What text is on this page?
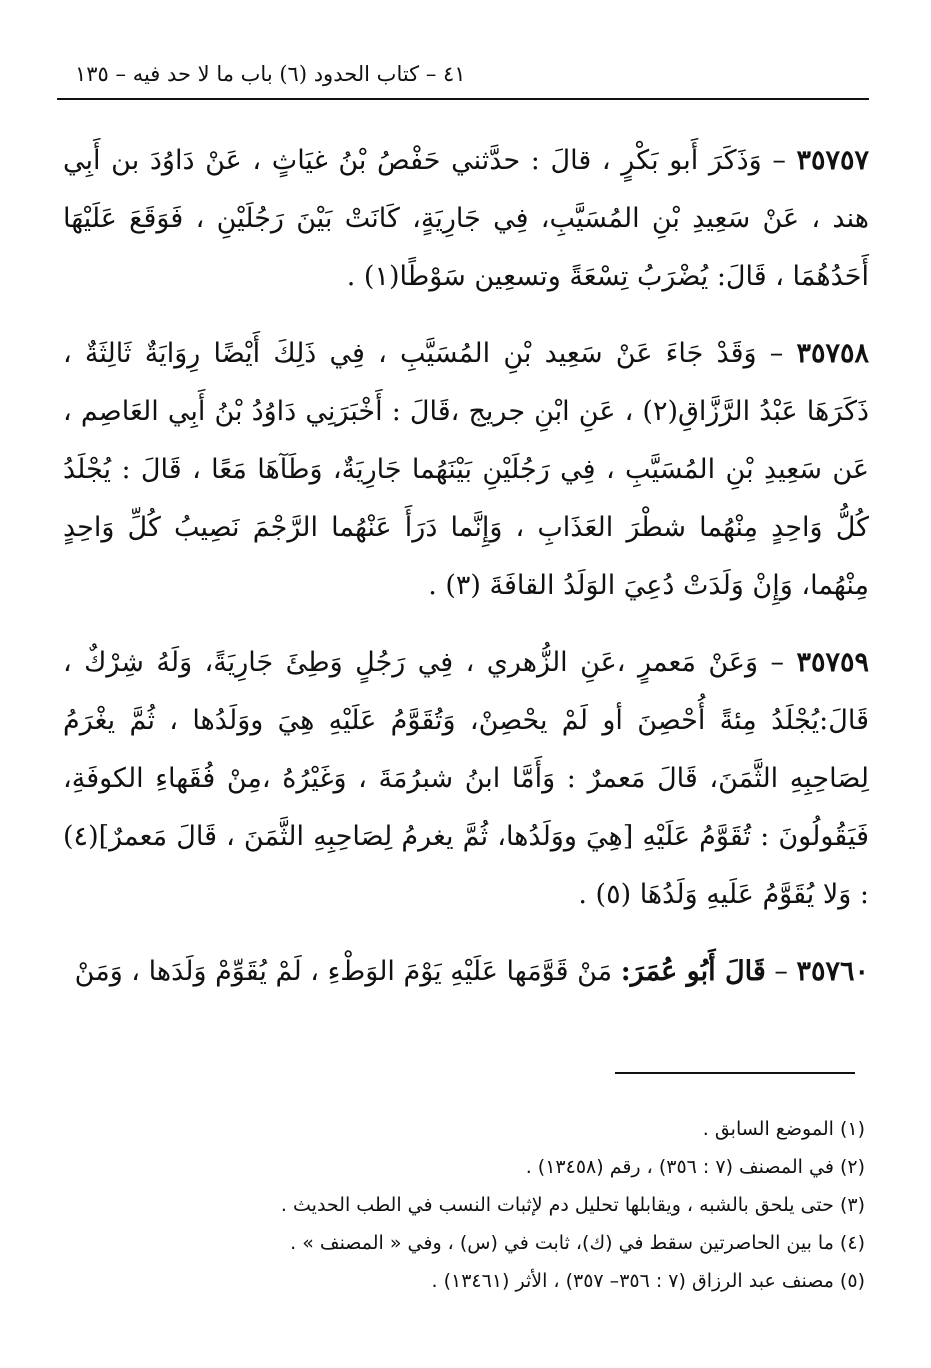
٤١ – كتاب الحدود (٦) باب ما لا حد فيه – ١٣٥

٣٥٧٥٧ – وَذَكَرَ أَبو بَكْرٍ ، قالَ : حدَّثني حَفْصُ بْنُ غيَاثٍ ، عَنْ دَاوُدَ بن أَبِي هند ، عَنْ سَعِيدِ بْنِ المُسَيَّبِ، فِي جَارِيَةٍ، كَانَتْ بَيْنَ رَجُلَيْنِ ، فَوَقَعَ عَلَيْهَا أَحَدُهُمَا ، قَالَ: يُضْرَبُ تِسْعَةً وتسعِين سَوْطًا(١) .

٣٥٧٥٨ – وَقَدْ جَاءَ عَنْ سَعِيد بْنِ المُسَيَّبِ ، فِي ذَلِكَ أَيْضًا رِوَايَةٌ ثَالِثَةٌ ، ذَكَرَهَا عَبْدُ الرَّزَّاقِ(٢) ، عَنِ ابْنِ جريج ،قَالَ : أَخْبَرَنِي دَاوُدُ بْنُ أَبِي العَاصِم ، عَن سَعِيدِ بْنِ المُسَيَّبِ ، فِي رَجُلَيْنِ بَيْنَهُما جَارِيَةٌ، وَطَآهَا مَعًا ، قَالَ : يُجْلَدُ كُلُّ وَاحِدٍ مِنْهُما شطْرَ العَذَابِ ، وَإِنَّما دَرَأَ عَنْهُما الرَّجْمَ نَصِيبُ كُلِّ وَاحِدٍ مِنْهُما، وَإِنْ وَلَدَتْ دُعِيَ الوَلَدُ القافَةَ (٣) .

٣٥٧٥٩ – وَعَنْ مَعمرٍ ،عَنِ الزُّهري ، فِي رَجُلٍ وَطِئَ جَارِيَةً، وَلَهُ شِرْكٌ ، قَالَ:يُجْلَدُ مِئةً أُحْصِنَ أو لَمْ يحْصِنْ، وَتُقَوَّمُ عَلَيْهِ هِيَ ووَلَدُها ، ثُمَّ يغْرَمُ لِصَاحِبِهِ الثَّمَنَ، قَالَ مَعمرٌ : وَأَمَّا ابنُ شبرُمَةَ ، وَغَيْرُهُ ،مِنْ فُقَهاءِ الكوفَةِ، فَيَقُولُونَ : تُقَوَّمُ عَلَيْهِ [هِيَ ووَلَدُها، ثُمَّ يغرمُ لِصَاحِبِهِ الثَّمَنَ ، قَالَ مَعمرٌ](٤) : وَلا يُقَوَّمُ عَلَيهِ وَلَدُهَا (٥) .

٣٥٧٦٠ – قَالَ أَبُو عُمَرَ: مَنْ قَوَّمَها عَلَيْهِ يَوْمَ الوَطْءِ ، لَمْ يُقَوِّمْ وَلَدَها ، وَمَنْ

(١) الموضع السابق .
(٢) في المصنف (٧ : ٣٥٦) ، رقم (١٣٤٥٨) .
(٣) حتى يلحق بالشبه ، ويقابلها تحليل دم لإثبات النسب في الطب الحديث .
(٤) ما بين الحاصرتين سقط في (ك)، ثابت في (س) ، وفي « المصنف » .
(٥) مصنف عبد الرزاق (٧ : ٣٥٦– ٣٥٧) ، الأثر (١٣٤٦١) .
